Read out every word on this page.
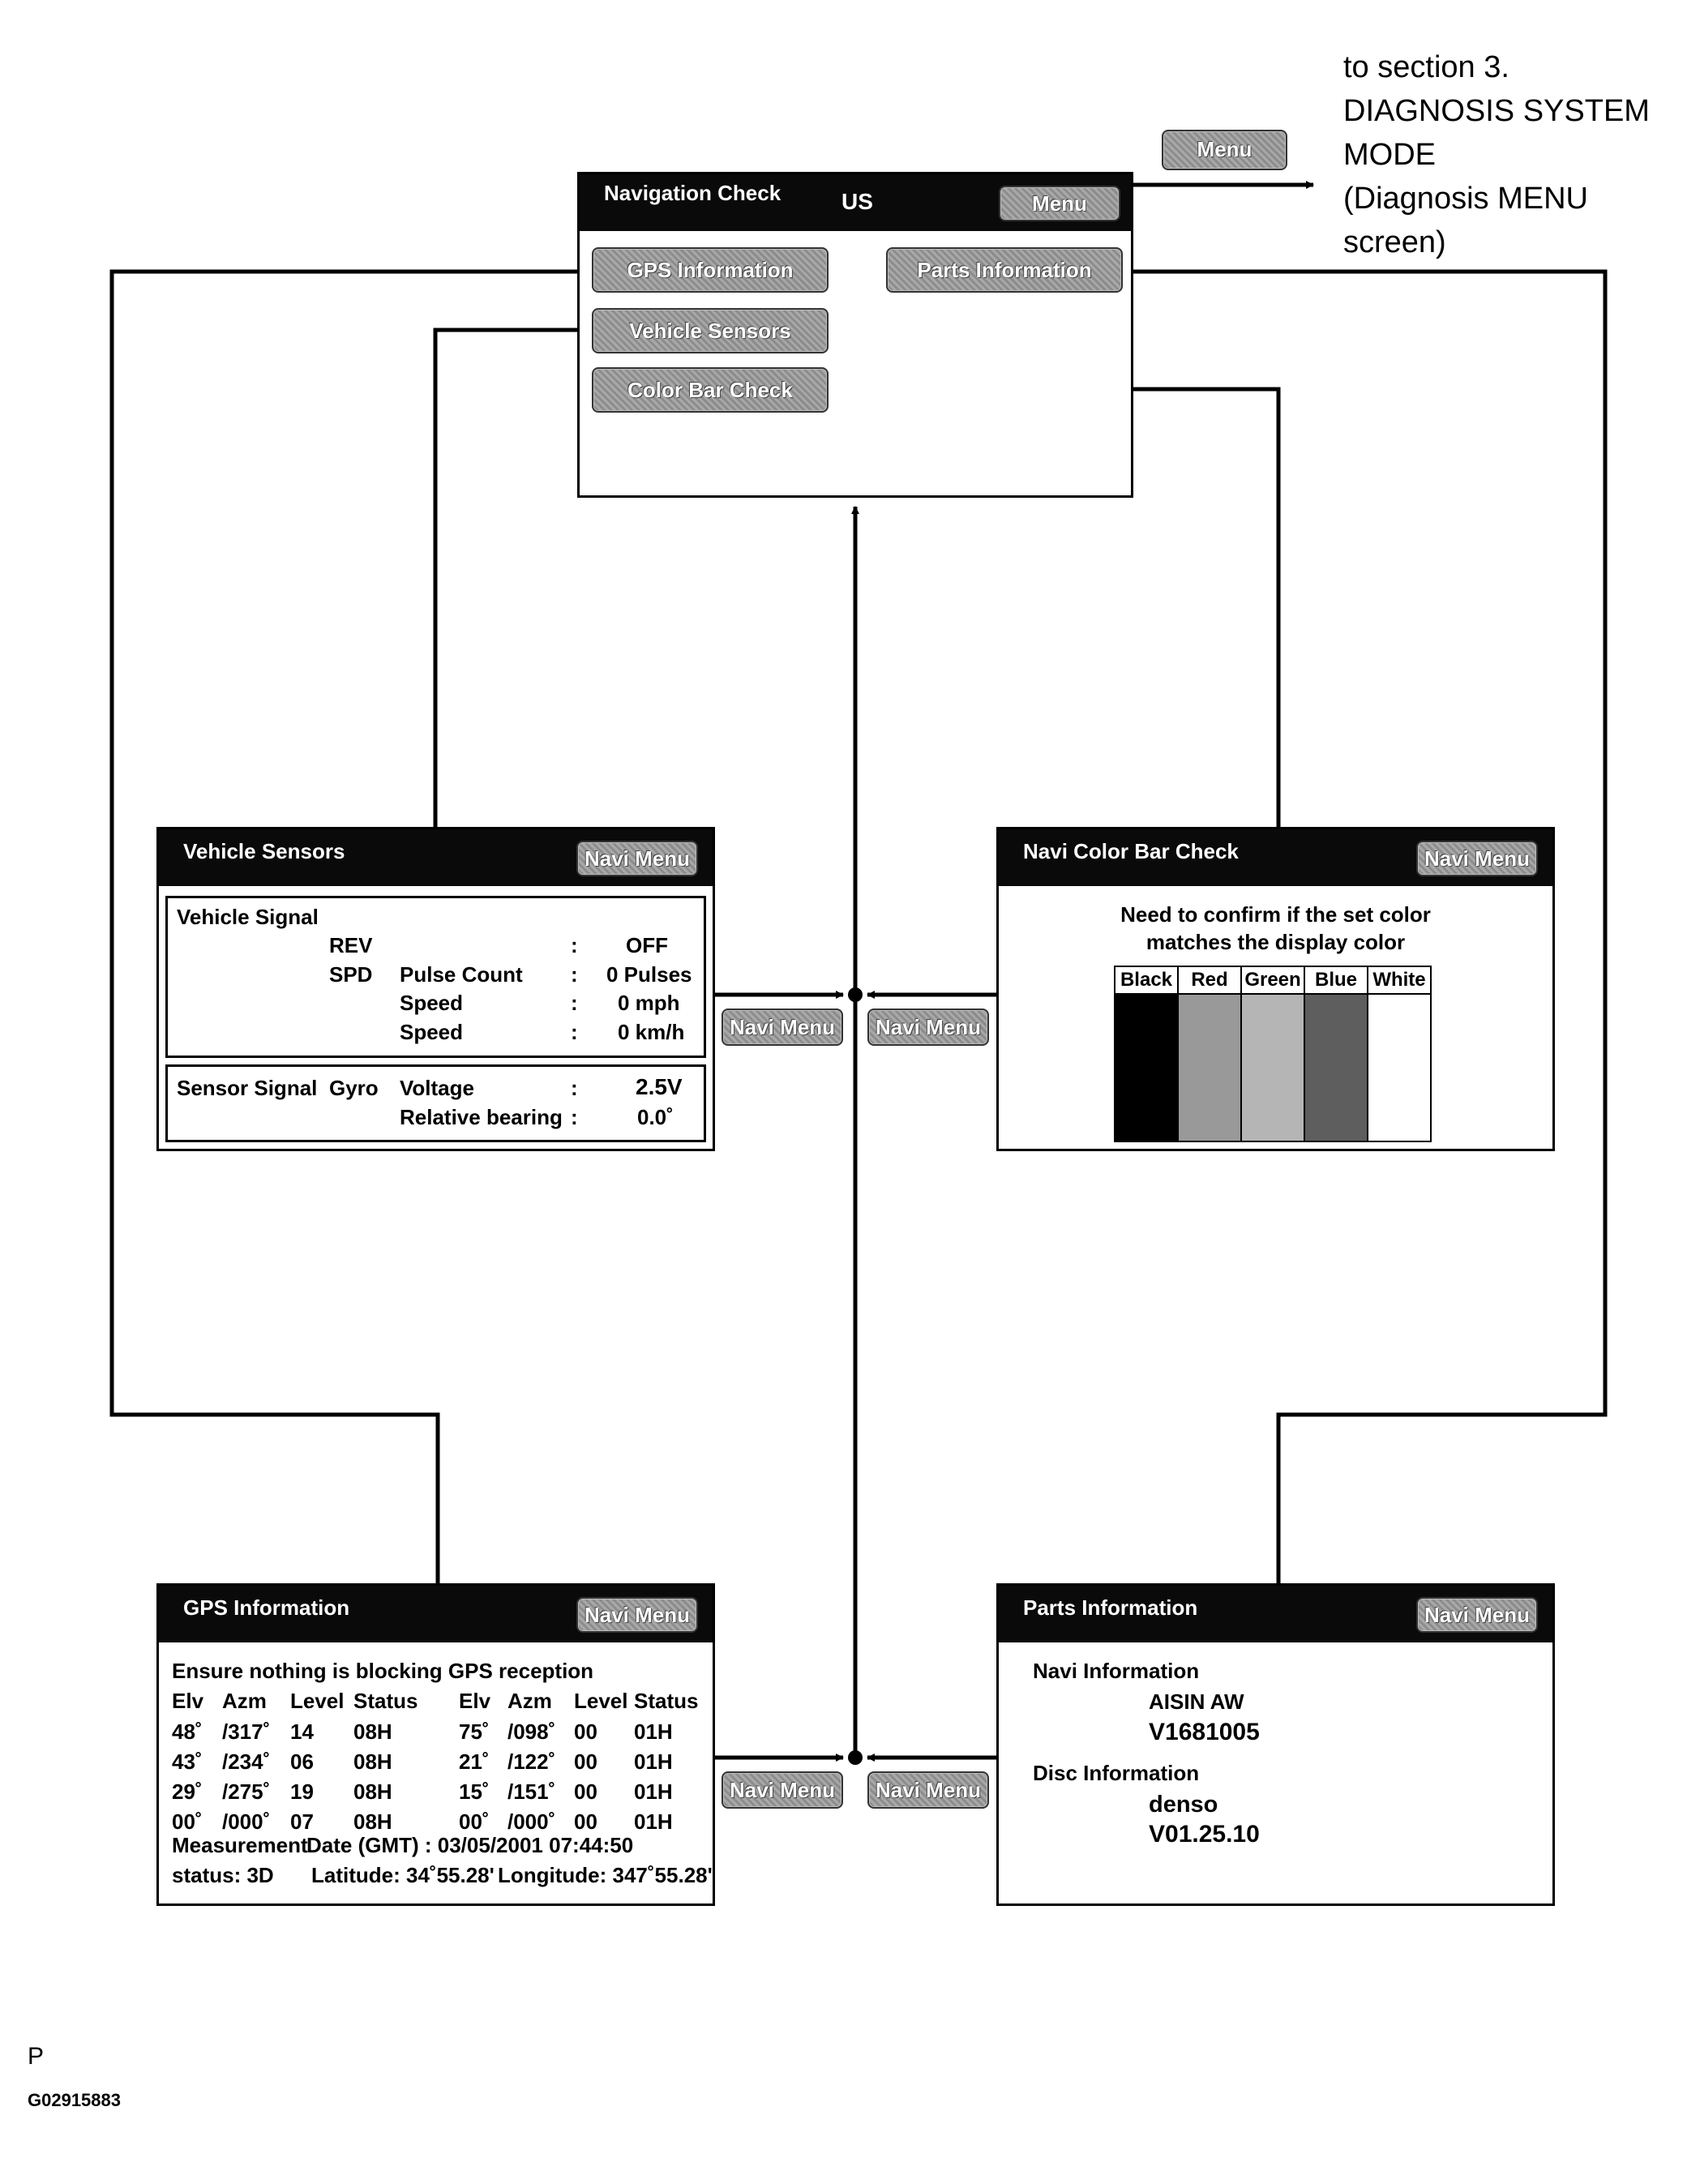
Menu
to section 3.
DIAGNOSIS SYSTEM
MODE
(Diagnosis MENU
screen)
Navigation Check	US	Menu
GPS Information	Parts Information
Vehicle Sensors
Color Bar Check
Navi Menu	Navi Menu
Navi Menu	Navi Menu
Vehicle Sensors	Navi Menu
Vehicle Signal
REV	: OFF
SPD Pulse Count : 0 Pulses
Speed	: 0 mph
Speed	: 0 km/h
Sensor Signal Gyro Voltage	:	2.5V
Relative bearing :	0.0˚
Navi Color Bar Check	Navi Menu
Need to confirm if the set color
matches the display color
Black	Red	Green	Blue	White

GPS Information	Navi Menu
Ensure nothing is blocking GPS reception
Elv Azm Level Status Elv Azm Level Status
48˚ /317˚ 14 08H	75˚ /098˚ 00 01H
43˚ /234˚ 06 08H	21˚ /122˚ 00 01H
29˚ /275˚ 19 08H	15˚ /151˚ 00 01H
00˚ /000˚ 07 08H	00˚ /000˚ 00 01H
Measurement
Date (GMT) : 03/05/2001 07:44:50
status: 3D Latitude: 34˚55.28' Longitude: 347˚55.28'
Parts Information	Navi Menu
Navi Information
AISIN AW
V1681005
Disc Information
denso
V01.25.10
P
G02915883
